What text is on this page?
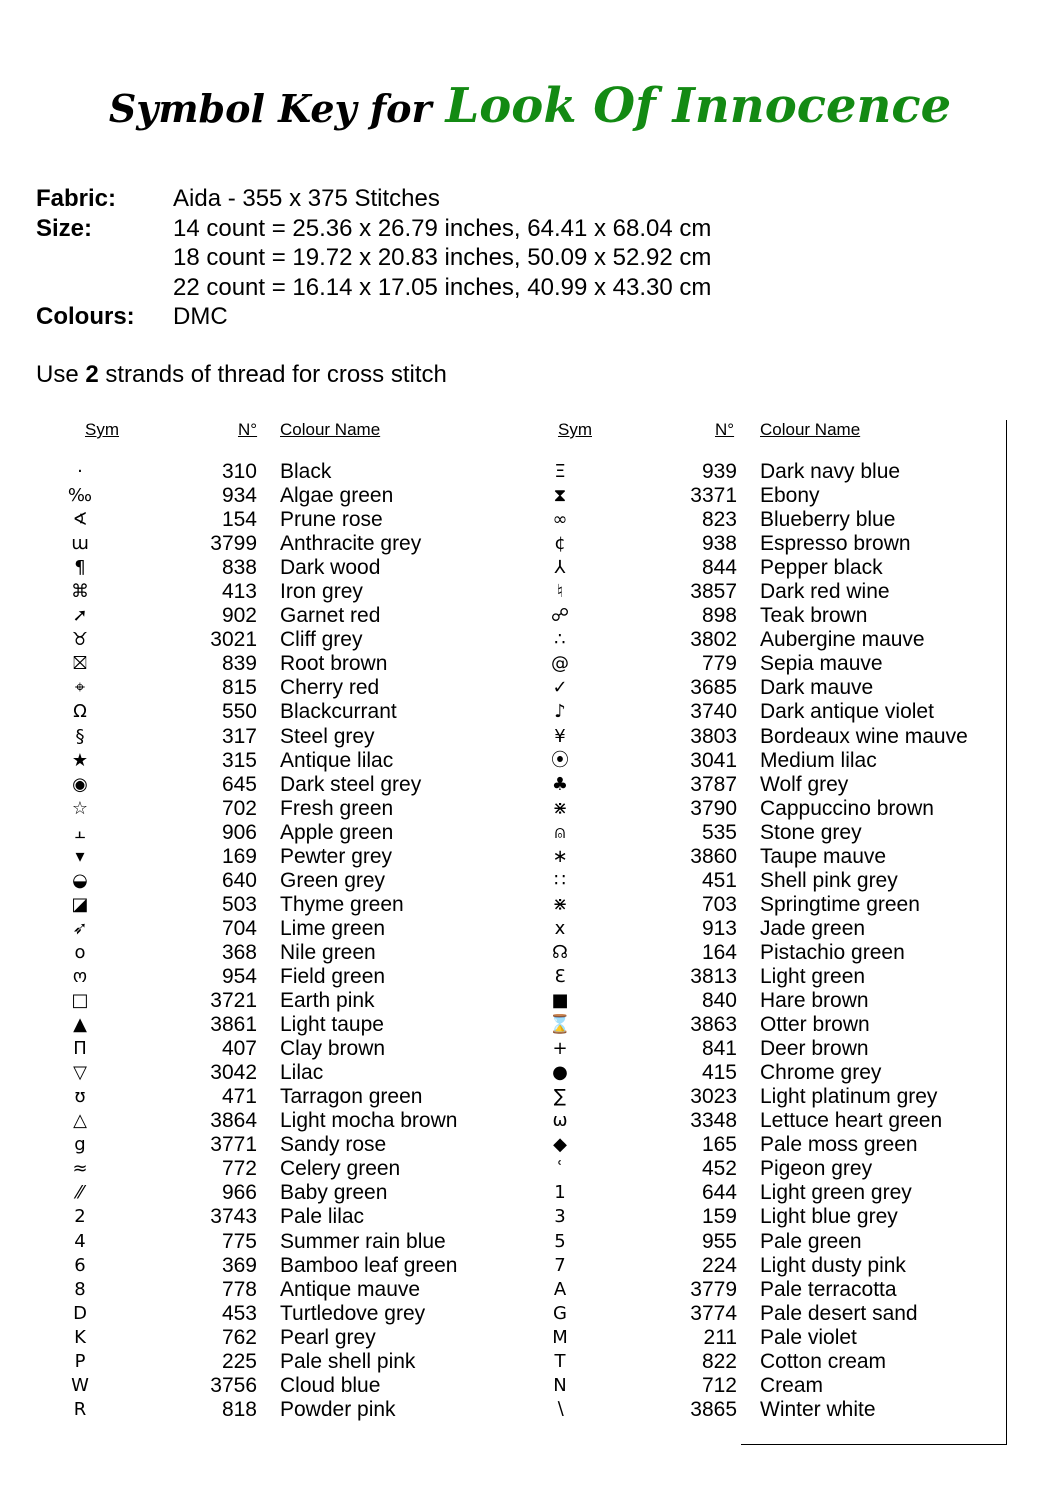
Symbol Key for Look Of Innocence
Fabric:	Aida - 355 x 375 Stitches
Size:	14 count = 25.36 x 26.79 inches, 64.41 x 68.04 cm
18 count = 19.72 x 20.83 inches, 50.09 x 52.92 cm
22 count = 16.14 x 17.05 inches, 40.99 x 43.30 cm
Colours:	DMC
Use 2 strands of thread for cross stitch
Sym	N° Colour Name	Sym	N° Colour Name
·	310 Black
‰	934 Algae green
∢	154 Prune rose
ɯ	3799 Anthracite grey
¶	838 Dark wood
⌘	413 Iron grey
➚	902 Garnet red
♉	3021 Cliff grey
⛝	839 Root brown
⌖	815 Cherry red
Ω	550 Blackcurrant
§	317 Steel grey
★	315 Antique lilac
◉	645 Dark steel grey
☆	702 Fresh green
⫠	906 Apple green
▾	169 Pewter grey
◒	640 Green grey
◪	503 Thyme green
➶	704 Lime green
o	368 Nile green
ო	954 Field green
□	3721 Earth pink
▲	3861 Light taupe
Π	407 Clay brown
▽	3042 Lilac
ʊ	471 Tarragon green
△	3864 Light mocha brown
g	3771 Sandy rose
≈	772 Celery green
⁄⁄	966 Baby green
2	3743 Pale lilac
4	775 Summer rain blue
6	369 Bamboo leaf green
8	778 Antique mauve
D	453 Turtledove grey
K	762 Pearl grey
P	225 Pale shell pink
W	3756 Cloud blue
R	818 Powder pink
Ξ	939 Dark navy blue
⧗	3371 Ebony
∞	823 Blueberry blue
¢	938 Espresso brown
⅄	844 Pepper black
♮	3857 Dark red wine
☍	898 Teak brown
∴	3802 Aubergine mauve
@	779 Sepia mauve
✓	3685 Dark mauve
♪	3740 Dark antique violet
¥	3803 Bordeaux wine mauve
⦿	3041 Medium lilac
♣	3787 Wolf grey
⋇	3790 Cappuccino brown
⍝	535 Stone grey
∗	3860 Taupe mauve
∷	451 Shell pink grey
⋇	703 Springtime green
x	913 Jade green
☊	164 Pistachio green
Ɛ	3813 Light green
■	840 Hare brown
⌛	3863 Otter brown
+	841 Deer brown
●	415 Chrome grey
∑	3023 Light platinum grey
ω	3348 Lettuce heart green
◆	165 Pale moss green
ʿ	452 Pigeon grey
1	644 Light green grey
3	159 Light blue grey
5	955 Pale green
7	224 Light dusty pink
A	3779 Pale terracotta
G	3774 Pale desert sand
M	211 Pale violet
T	822 Cotton cream
N	712 Cream
∖	3865 Winter white
